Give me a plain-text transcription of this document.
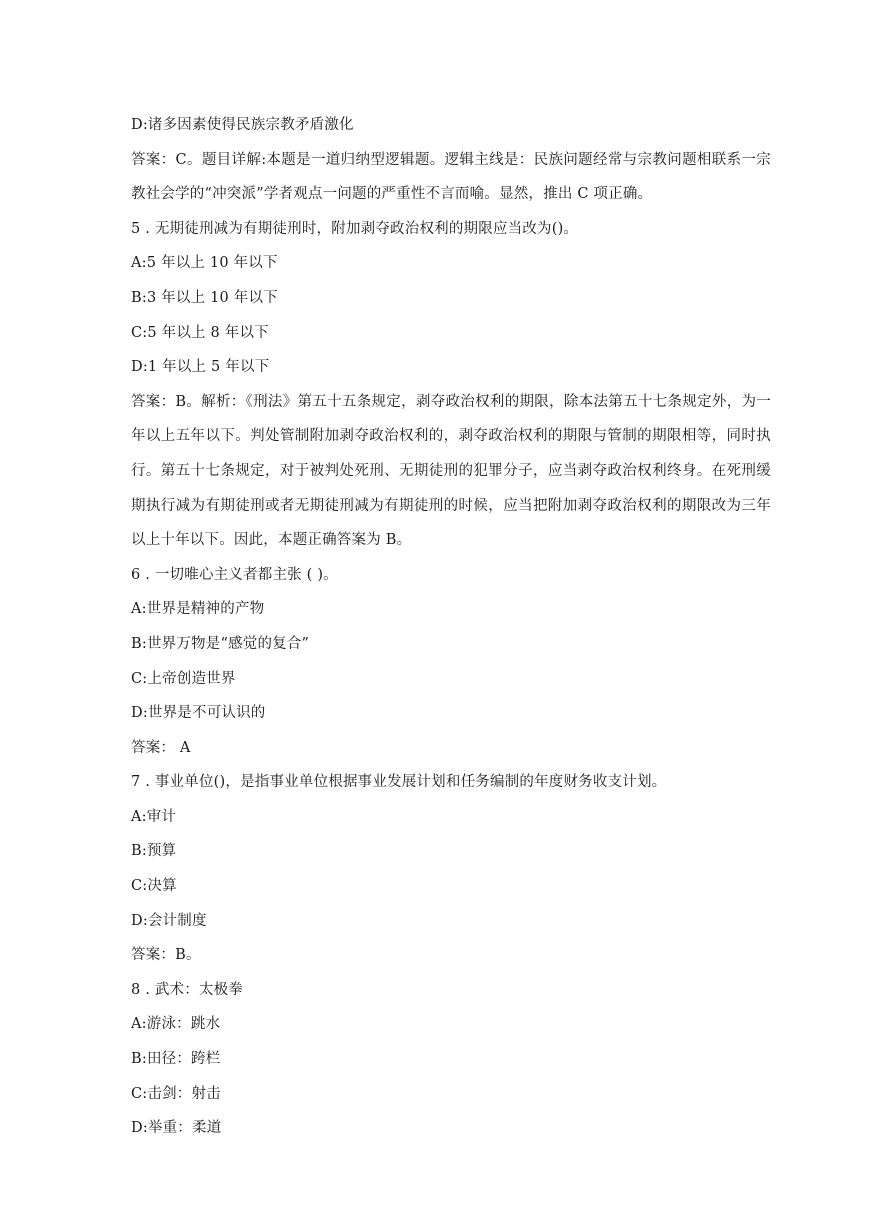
D:诸多因素使得民族宗教矛盾激化

答案：C。题目详解:本题是一道归纳型逻辑题。逻辑主线是：民族问题经常与宗教问题相联系一宗教社会学的“冲突派”学者观点一问题的严重性不言而喻。显然，推出 C 项正确。

5 . 无期徒刑减为有期徒刑时，附加剥夺政治权利的期限应当改为()。
A:5 年以上 10 年以下
B:3 年以上 10 年以下
C:5 年以上 8 年以下
D:1 年以上 5 年以下

答案：B。解析：《刑法》第五十五条规定，剥夺政治权利的期限，除本法第五十七条规定外，为一年以上五年以下。判处管制附加剥夺政治权利的，剥夺政治权利的期限与管制的期限相等，同时执行。第五十七条规定，对于被判处死刑、无期徒刑的犯罪分子，应当剥夺政治权利终身。在死刑缓期执行减为有期徒刑或者无期徒刑减为有期徒刑的时候，应当把附加剥夺政治权利的期限改为三年以上十年以下。因此，本题正确答案为 B。

6 . 一切唯心主义者都主张 ( )。
A:世界是精神的产物
B:世界万物是“感觉的复合”
C:上帝创造世界
D:世界是不可认识的
答案： A
7 . 事业单位()，是指事业单位根据事业发展计划和任务编制的年度财务收支计划。
A:审计
B:预算
C:决算
D:会计制度
答案：B。
8 . 武术：太极拳
A:游泳：跳水
B:田径：跨栏
C:击剑：射击
D:举重：柔道
